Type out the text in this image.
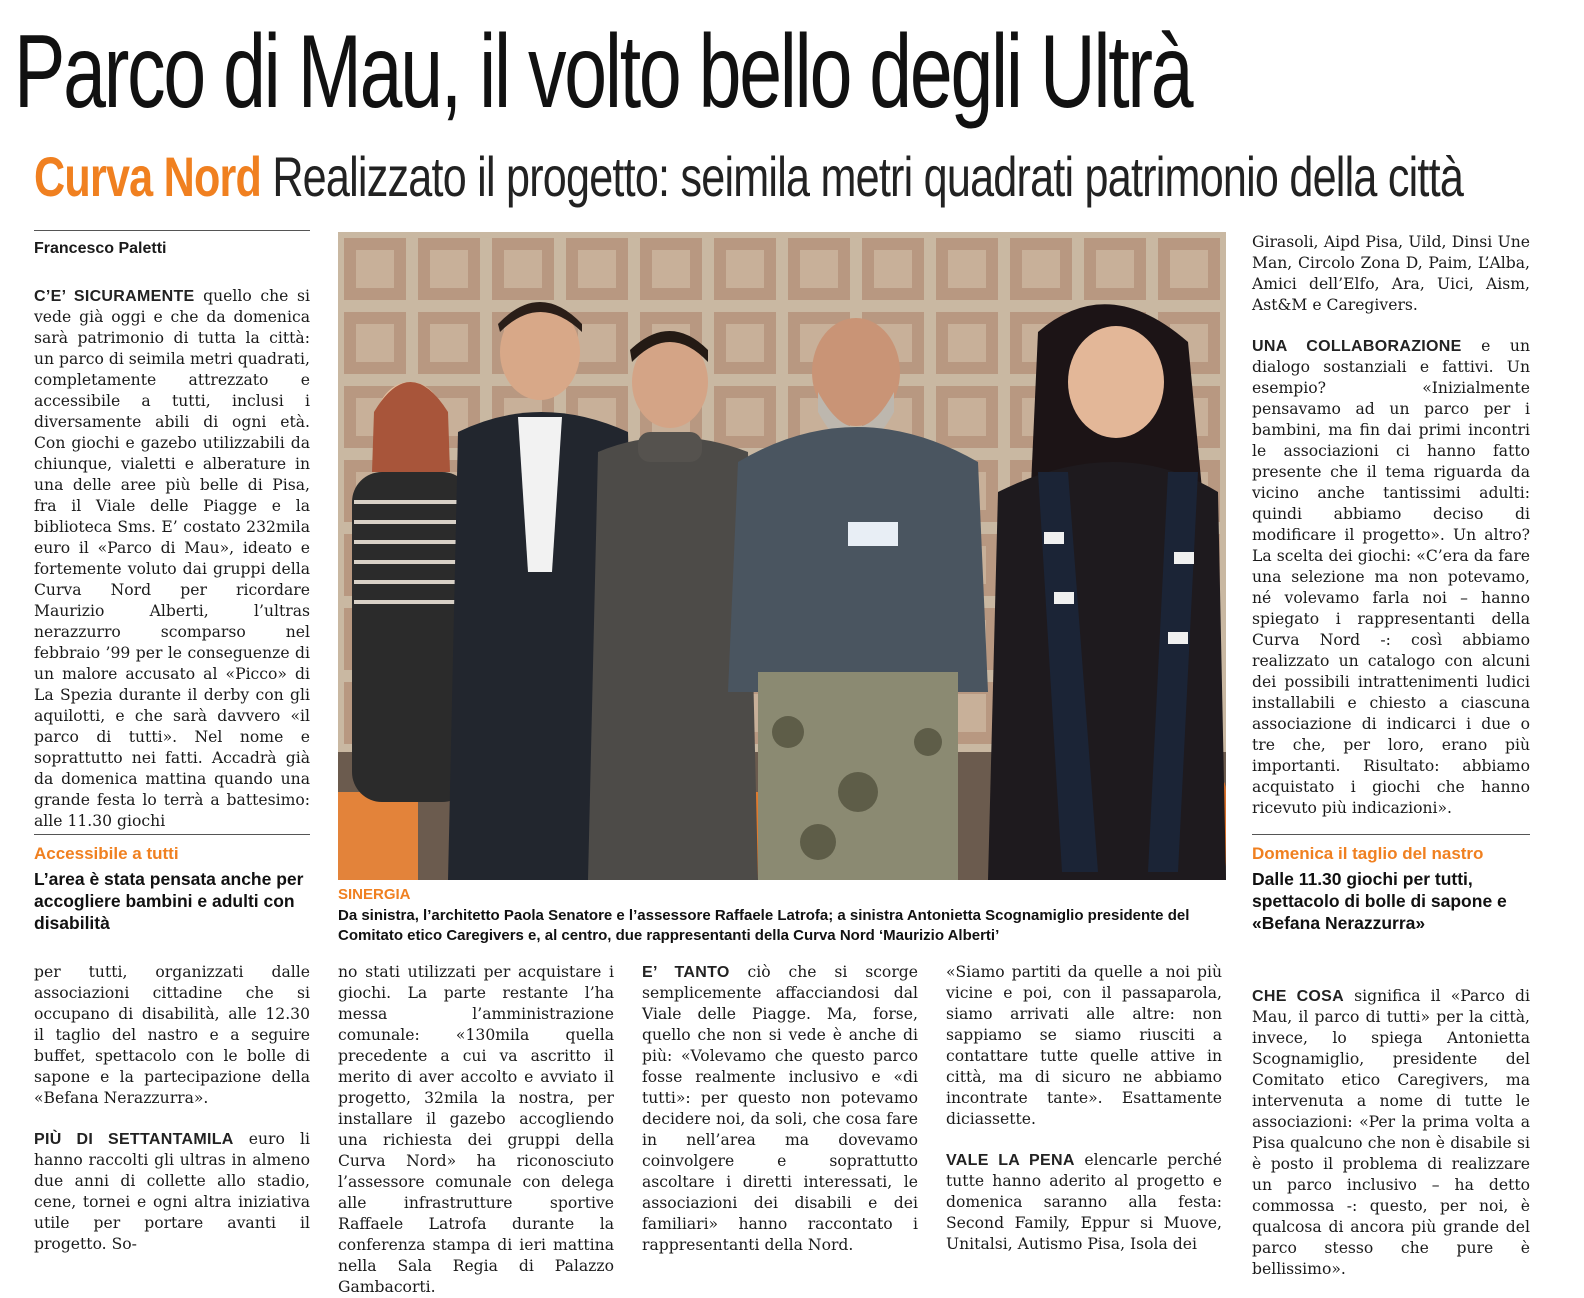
Parco di Mau, il volto bello degli Ultrà
Curva Nord Realizzato il progetto: seimila metri quadrati patrimonio della città
Francesco Paletti
C’E’ SICURAMENTE quello che si vede già oggi e che da domenica sarà patrimonio di tutta la città: un parco di seimila metri quadrati, completamente attrezzato e accessibile a tutti, inclusi i diversamente abili di ogni età. Con giochi e gazebo utilizzabili da chiunque, vialetti e alberature in una delle aree più belle di Pisa, fra il Viale delle Piagge e la biblioteca Sms. E’ costato 232mila euro il «Parco di Mau», ideato e fortemente voluto dai gruppi della Curva Nord per ricordare Maurizio Alberti, l’ultras nerazzurro scomparso nel febbraio ’99 per le conseguenze di un malore accusato al «Picco» di La Spezia durante il derby con gli aquilotti, e che sarà davvero «il parco di tutti». Nel nome e soprattutto nei fatti. Accadrà già da domenica mattina quando una grande festa lo terrà a battesimo: alle 11.30 giochi
Accessibile a tutti
L’area è stata pensata anche per accogliere bambini e adulti con disabilità
SINERGIA
Da sinistra, l’architetto Paola Senatore e l’assessore Raffaele Latrofa; a sinistra Antonietta Scognamiglio presidente del Comitato etico Caregivers e, al centro, due rappresentanti della Curva Nord ‘Maurizio Alberti’

Girasoli, Aipd Pisa, Uild, Dinsi Une Man, Circolo Zona D, Paim, L’Alba, Amici dell’Elfo, Ara, Uici, Aism, Ast&M e Caregivers.

UNA COLLABORAZIONE e un dialogo sostanziali e fattivi. Un esempio? «Inizialmente pensavamo ad un parco per i bambini, ma fin dai primi incontri le associazioni ci hanno fatto presente che il tema riguarda da vicino anche tantissimi adulti: quindi abbiamo deciso di modificare il progetto». Un altro? La scelta dei giochi: «C’era da fare una selezione ma non potevamo, né volevamo farla noi – hanno spiegato i rappresentanti della Curva Nord -: così abbiamo realizzato un catalogo con alcuni dei possibili intrattenimenti ludici installabili e chiesto a ciascuna associazione di indicarci i due o tre che, per loro, erano più importanti. Risultato: abbiamo acquistato i giochi che hanno ricevuto più indicazioni».

Domenica il taglio del nastro
Dalle 11.30 giochi per tutti, spettacolo di bolle di sapone e «Befana Nerazzurra»

per tutti, organizzati dalle associazioni cittadine che si occupano di disabilità, alle 12.30 il taglio del nastro e a seguire buffet, spettacolo con le bolle di sapone e la partecipazione della «Befana Nerazzurra».

PIÙ DI SETTANTAMILA euro li hanno raccolti gli ultras in almeno due anni di collette allo stadio, cene, tornei e ogni altra iniziativa utile per portare avanti il progetto. So-

no stati utilizzati per acquistare i giochi. La parte restante l’ha messa l’amministrazione comunale: «130mila quella precedente a cui va ascritto il merito di aver accolto e avviato il progetto, 32mila la nostra, per installare il gazebo accogliendo una richiesta dei gruppi della Curva Nord» ha riconosciuto l’assessore comunale con delega alle infrastrutture sportive Raffaele Latrofa durante la conferenza stampa di ieri mattina nella Sala Regia di Palazzo Gambacorti.

E’ TANTO ciò che si scorge semplicemente affacciandosi dal Viale delle Piagge. Ma, forse, quello che non si vede è anche di più: «Volevamo che questo parco fosse realmente inclusivo e «di tutti»: per questo non potevamo decidere noi, da soli, che cosa fare in nell’area ma dovevamo coinvolgere e soprattutto ascoltare i diretti interessati, le associazioni dei disabili e dei familiari» hanno raccontato i rappresentanti della Nord.

«Siamo partiti da quelle a noi più vicine e poi, con il passaparola, siamo arrivati alle altre: non sappiamo se siamo riusciti a contattare tutte quelle attive in città, ma di sicuro ne abbiamo incontrate tante». Esattamente diciassette.

VALE LA PENA elencarle perché tutte hanno aderito al progetto e domenica saranno alla festa: Second Family, Eppur si Muove, Unitalsi, Autismo Pisa, Isola dei

CHE COSA significa il «Parco di Mau, il parco di tutti» per la città, invece, lo spiega Antonietta Scognamiglio, presidente del Comitato etico Caregivers, ma intervenuta a nome di tutte le associazioni: «Per la prima volta a Pisa qualcuno che non è disabile si è posto il problema di realizzare un parco inclusivo – ha detto commossa -: questo, per noi, è qualcosa di ancora più grande del parco stesso che pure è bellissimo».
